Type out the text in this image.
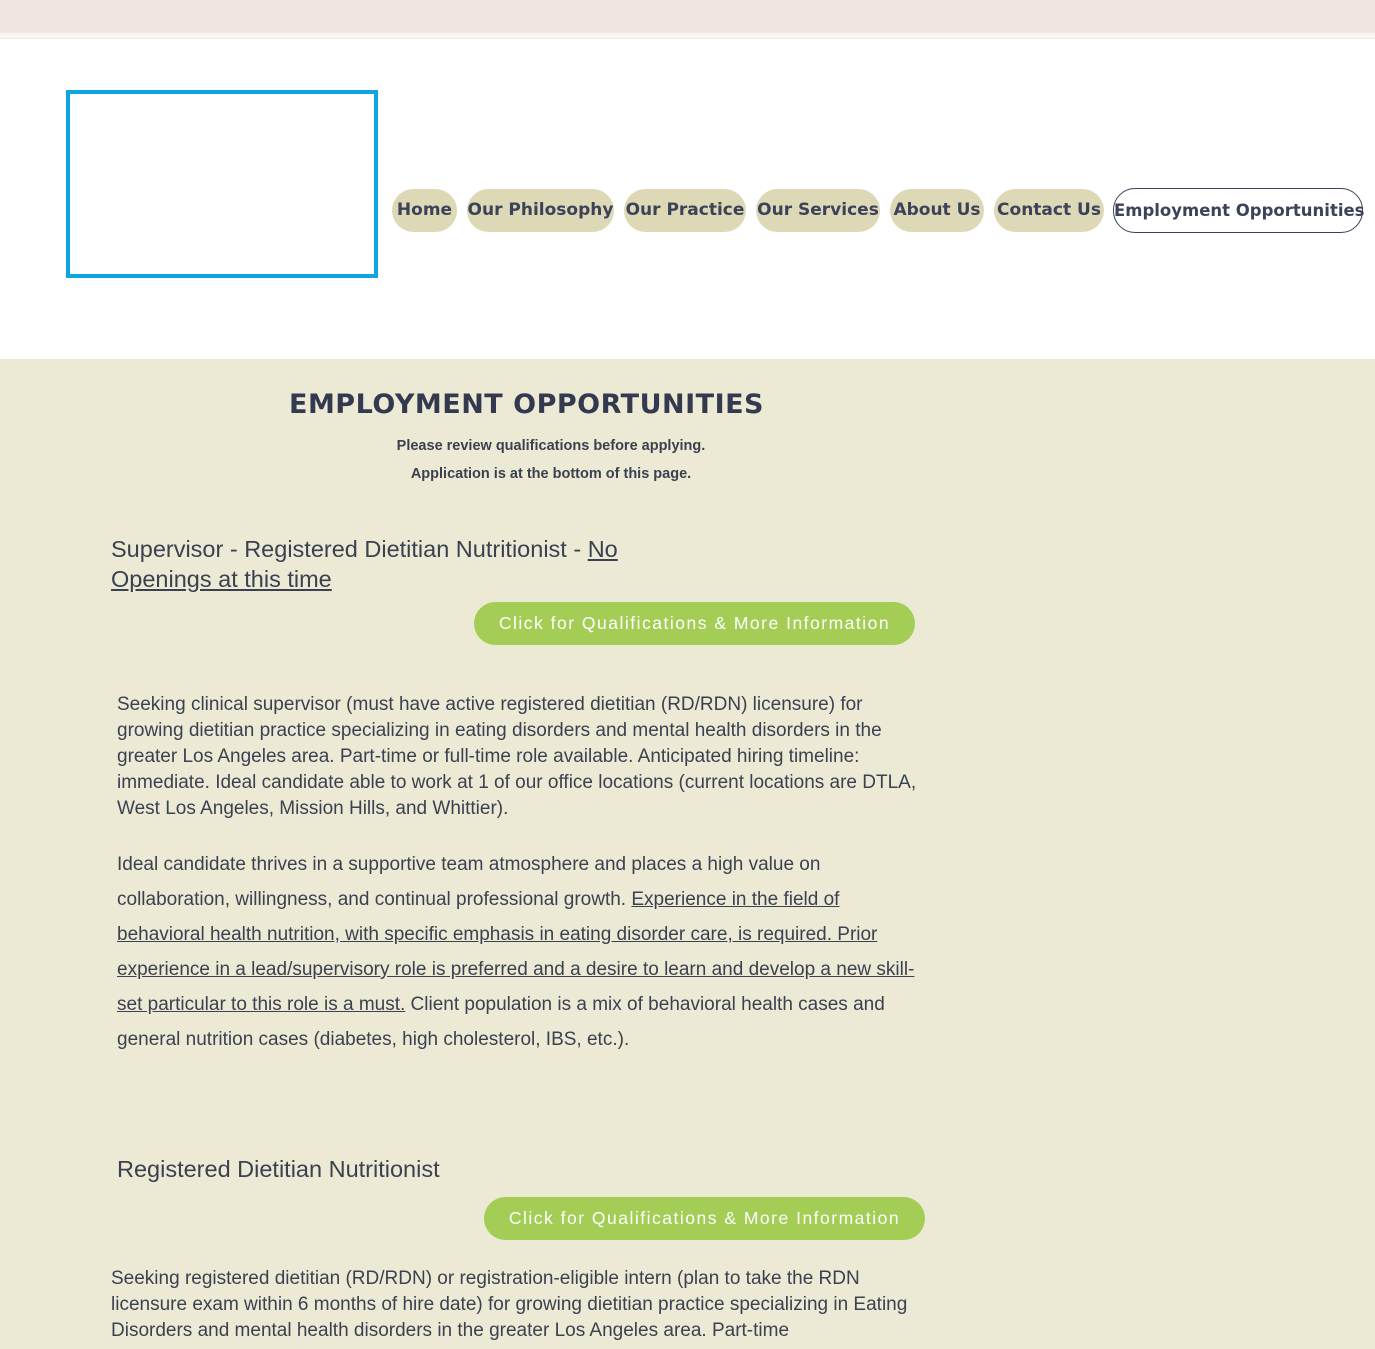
Home Our Philosophy Our Practice Our Services About Us Contact Us Employment Opportunities
EMPLOYMENT OPPORTUNITIES
Please review qualifications before applying.
Application is at the bottom of this page.
Supervisor - Registered Dietitian Nutritionist - No Openings at this time
Click for Qualifications & More Information

Seeking clinical supervisor (must have active registered dietitian (RD/RDN) licensure) for growing dietitian practice specializing in eating disorders and mental health disorders in the greater Los Angeles area. Part-time or full-time role available. Anticipated hiring timeline: immediate. Ideal candidate able to work at 1 of our office locations (current locations are DTLA, West Los Angeles, Mission Hills, and Whittier).

Ideal candidate thrives in a supportive team atmosphere and places a high value on collaboration, willingness, and continual professional growth. Experience in the field of behavioral health nutrition, with specific emphasis in eating disorder care, is required. Prior experience in a lead/supervisory role is preferred and a desire to learn and develop a new skill-set particular to this role is a must. Client population is a mix of behavioral health cases and general nutrition cases (diabetes, high cholesterol, IBS, etc.).

Registered Dietitian Nutritionist
Click for Qualifications & More Information

Seeking registered dietitian (RD/RDN) or registration-eligible intern (plan to take the RDN licensure exam within 6 months of hire date) for growing dietitian practice specializing in Eating Disorders and mental health disorders in the greater Los Angeles area. Part-time
